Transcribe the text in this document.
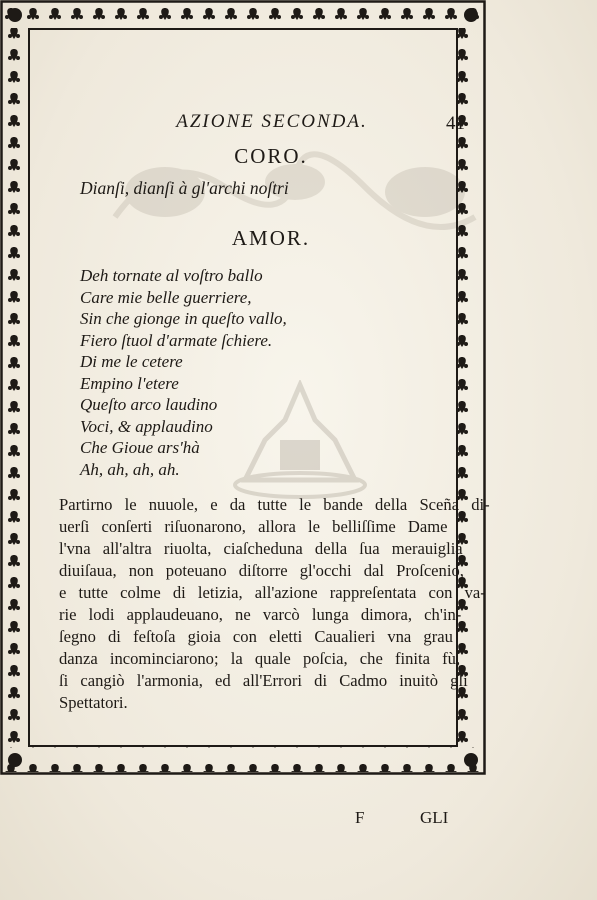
AZIONE SECONDA.	41
CORO.
Dianſi, dianſi à gl'archi noſtri
AMOR.
Deh tornate al voſtro ballo
Care mie belle guerriere,
Sin che gionge in queſto vallo,
Fiero ſtuol d'armate ſchiere.
Di me le cetere
Empino l'etere
Queſto arco laudino
Voci, & applaudino
Che Gioue ars'hà
Ah, ah, ah, ah.
Partirno le nuuole, e da tutte le bande della Sceña di-
uerſi conſerti riſuonarono, allora le belliſſime Dame
l'vna all'altra riuolta, ciaſcheduna della ſua merauiglia
diuiſaua, non poteuano diſtorre gl'occhi dal Proſcenio,
e tutte colme di letizia, all'azione rappreſentata con va-
rie lodi applaudeuano, ne varcò lunga dimora, ch'in-
ſegno di feſtoſa gioia con eletti Caualieri vna grau
danza incominciarono; la quale poſcia, che finita fù,
ſi cangiò l'armonia, ed all'Errori di Cadmo inuitò gli
Spettatori.
F	GLI
